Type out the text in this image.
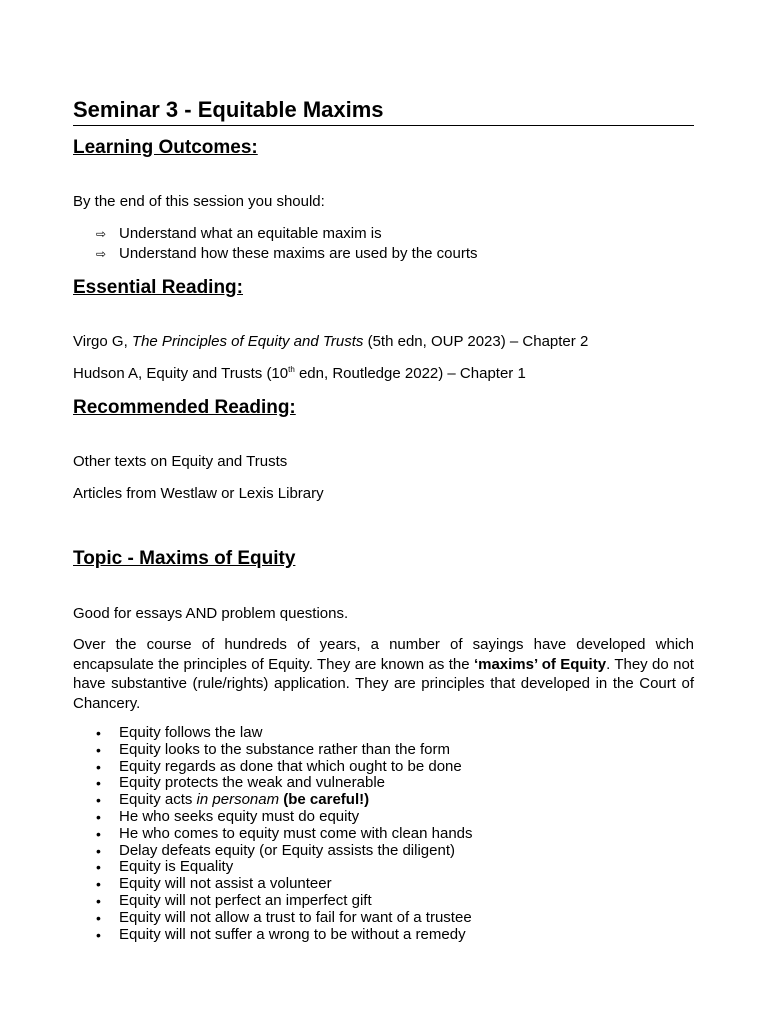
Seminar 3 - Equitable Maxims
Learning Outcomes:
By the end of this session you should:
⇨ Understand what an equitable maxim is
⇨ Understand how these maxims are used by the courts
Essential Reading:
Virgo G, The Principles of Equity and Trusts (5th edn, OUP 2023) – Chapter 2
Hudson A, Equity and Trusts (10th edn, Routledge 2022) – Chapter 1
Recommended Reading:
Other texts on Equity and Trusts
Articles from Westlaw or Lexis Library
Topic - Maxims of Equity
Good for essays AND problem questions.
Over the course of hundreds of years, a number of sayings have developed which encapsulate the principles of Equity. They are known as the ‘maxims’ of Equity. They do not have substantive (rule/rights) application. They are principles that developed in the Court of Chancery.
•	Equity follows the law
•	Equity looks to the substance rather than the form
•	Equity regards as done that which ought to be done
•	Equity protects the weak and vulnerable
•	Equity acts in personam (be careful!)
•	He who seeks equity must do equity
•	He who comes to equity must come with clean hands
•	Delay defeats equity (or Equity assists the diligent)
•	Equity is Equality
•	Equity will not assist a volunteer
•	Equity will not perfect an imperfect gift
•	Equity will not allow a trust to fail for want of a trustee
•	Equity will not suffer a wrong to be without a remedy
